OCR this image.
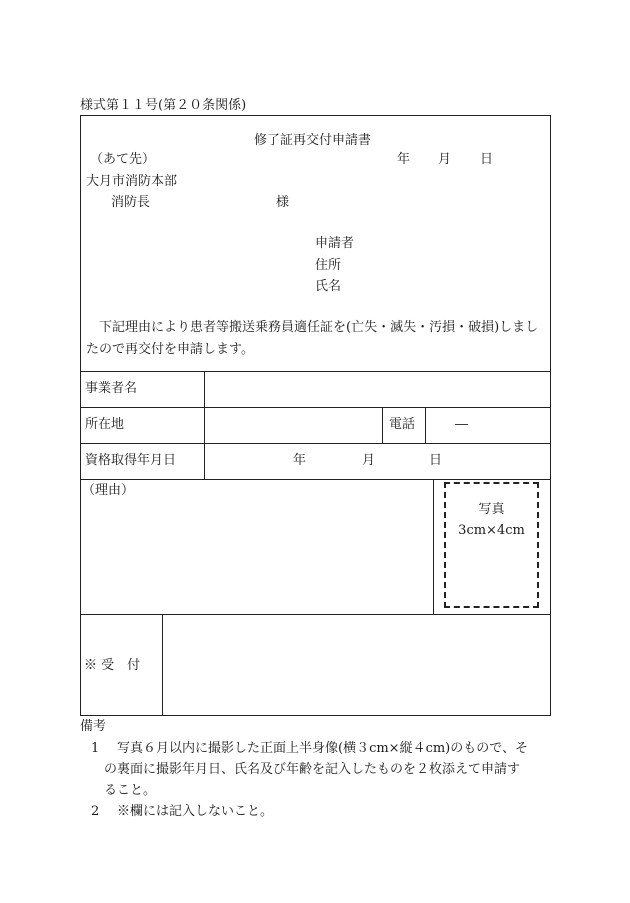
様式第１１号(第２０条関係)
修了証再交付申請書
（あて先）	年 月 日
大月市消防本部
消防長	様
申請者
住所
氏名
　下記理由により患者等搬送乗務員適任証を(亡失・滅失・汚損・破損)しましたので再交付を申請します。
事業者名
所在地	電話	―
資格取得年月日	年	月	日
（理由）
写真
3cm×4cm
※ 受　付
備考
1 写真６月以内に撮影した正面上半身像(横３cm×縦４cm)のもので、そ
の裏面に撮影年月日、氏名及び年齢を記入したものを２枚添えて申請す
ること。
2 ※欄には記入しないこと。
